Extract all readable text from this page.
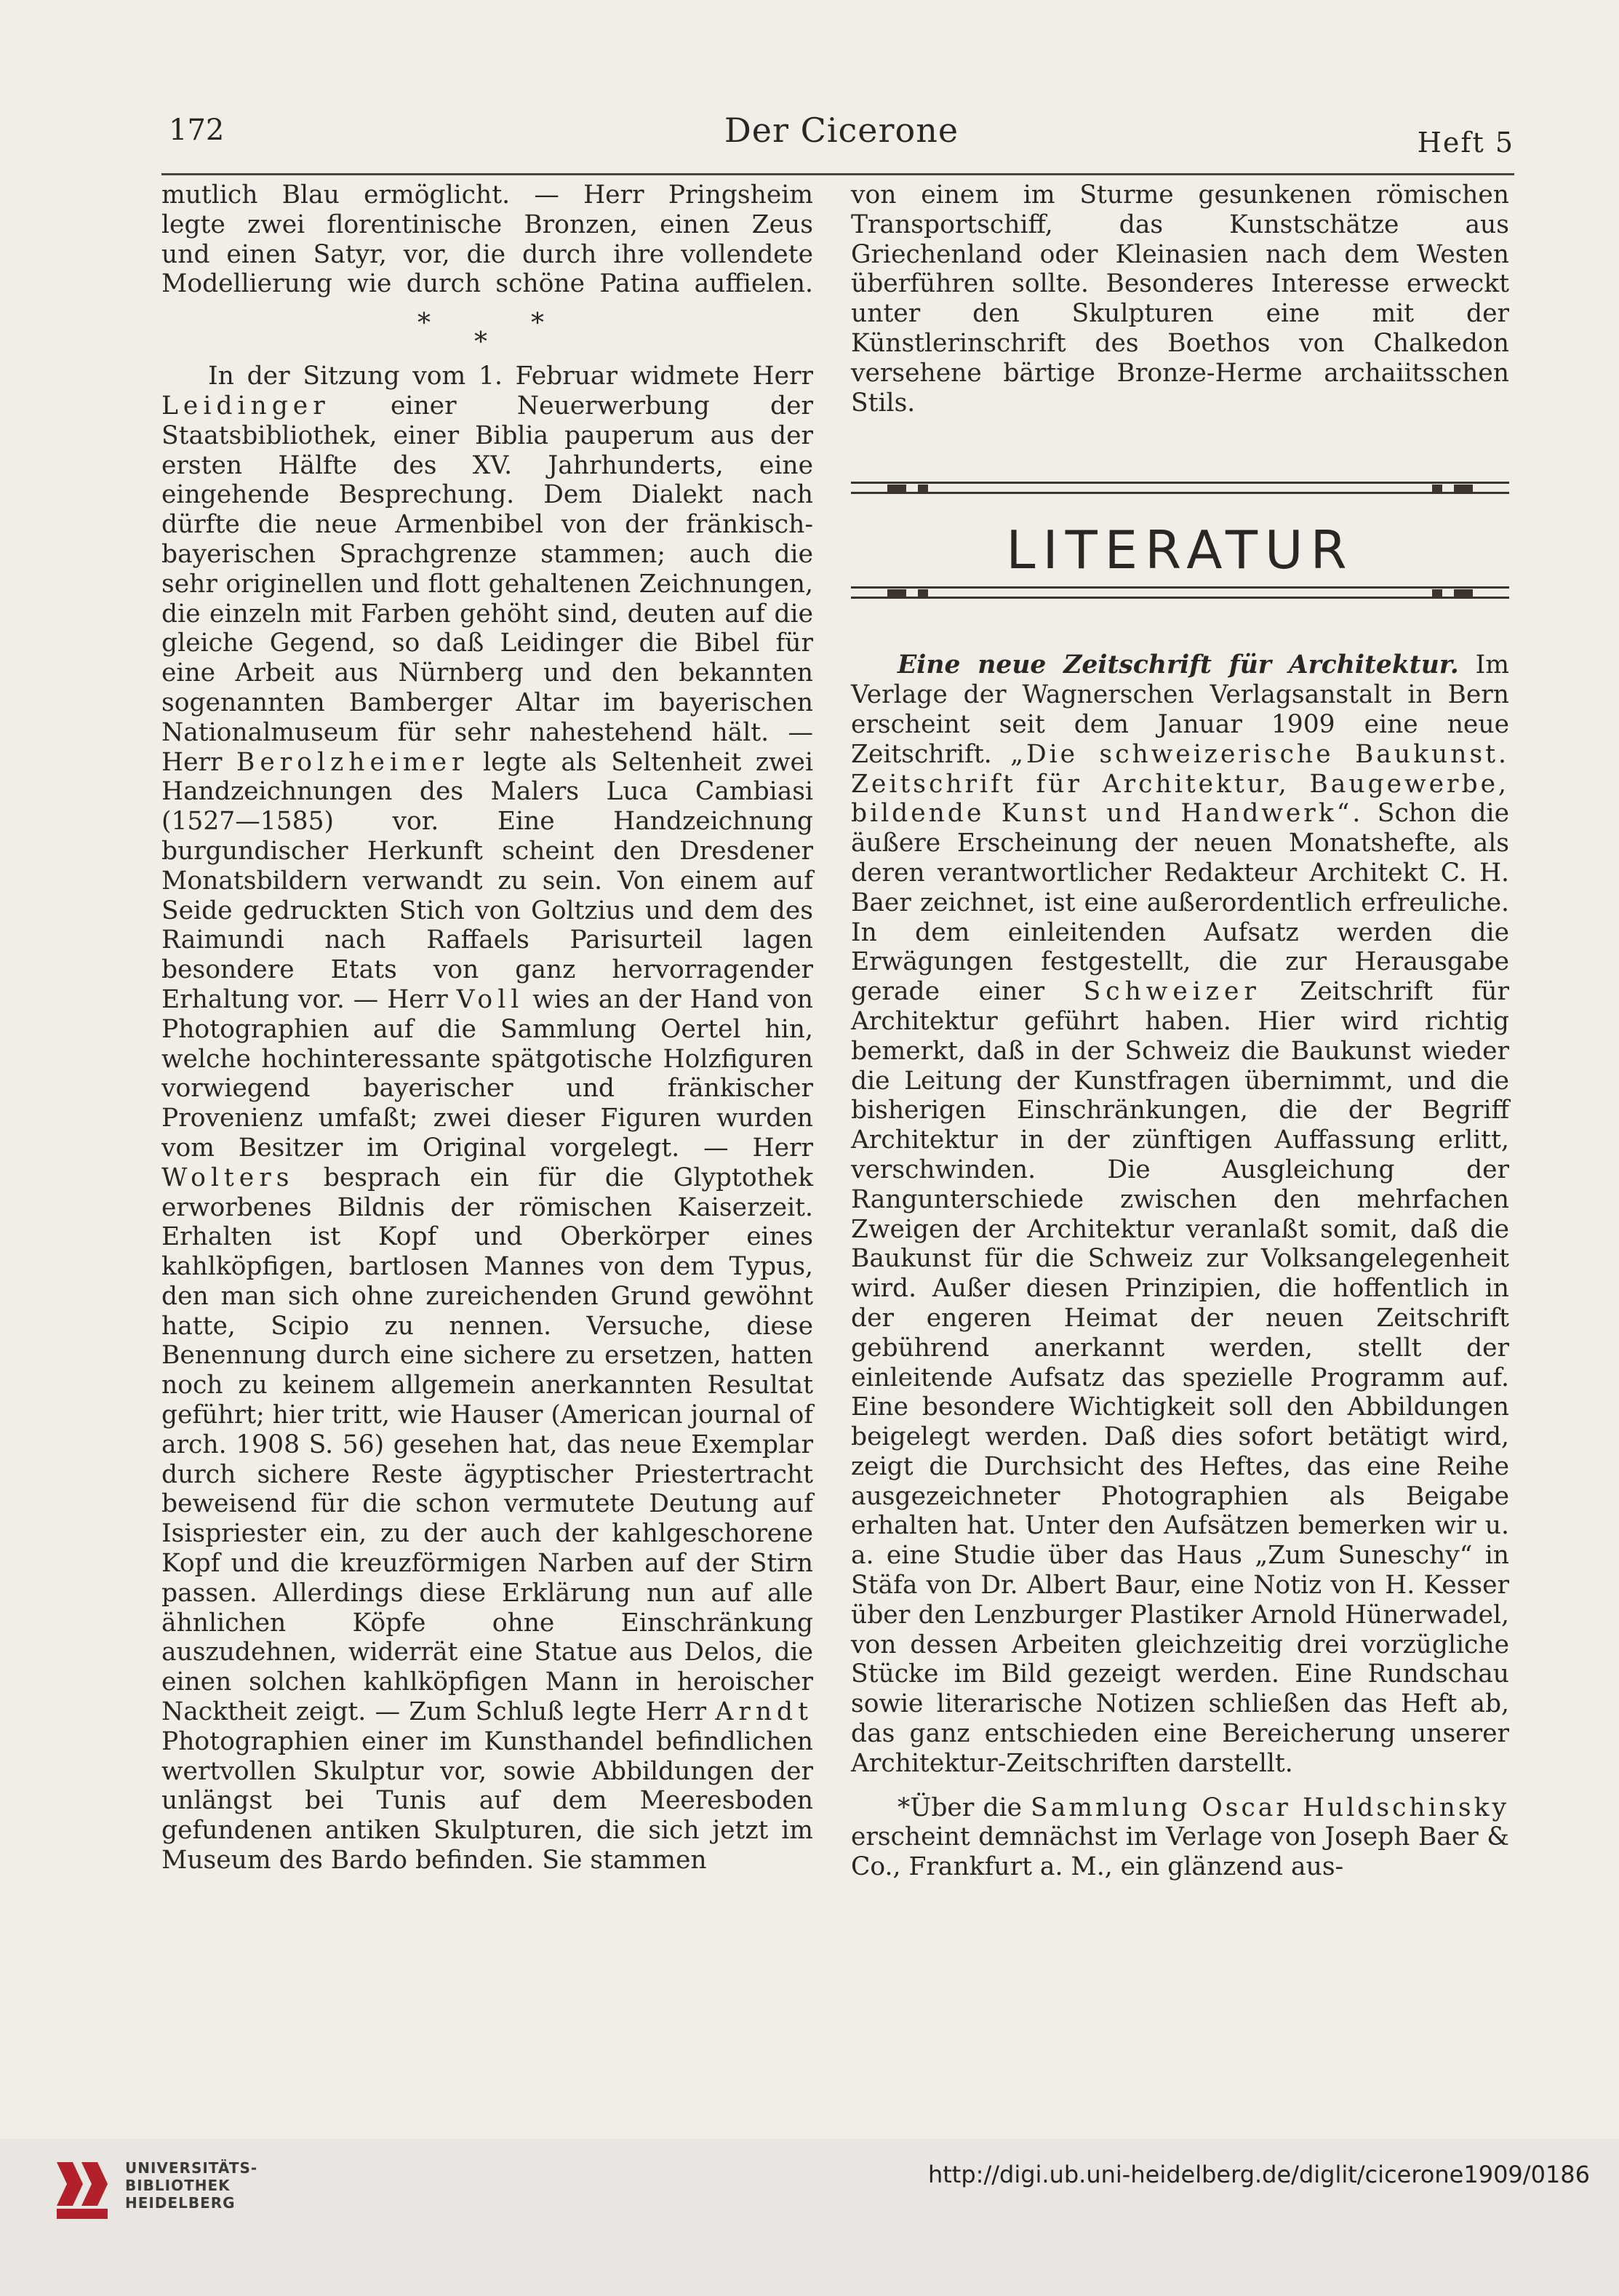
172	Der Cicerone	Heft 5

mutlich Blau ermöglicht. — Herr Pringsheim
legte zwei florentinische Bronzen, einen Zeus
und einen Satyr, vor, die durch ihre vollendete
Modellierung wie durch schöne Patina auffielen.

*
*
*

In der Sitzung vom 1. Februar widmete Herr Leidinger einer Neuerwerbung der Staatsbibliothek, einer Biblia pauperum aus der ersten Hälfte des XV. Jahrhunderts, eine eingehende Besprechung. Dem Dialekt nach dürfte die neue Armenbibel von der fränkisch-bayerischen Sprachgrenze stammen; auch die sehr originellen und flott gehaltenen Zeichnungen, die einzeln mit Farben gehöht sind, deuten auf die gleiche Gegend, so daß Leidinger die Bibel für eine Arbeit aus Nürnberg und den bekannten sogenannten Bamberger Altar im bayerischen Nationalmuseum für sehr nahestehend hält. — Herr Berolzheimer legte als Seltenheit zwei Handzeichnungen des Malers Luca Cambiasi (1527—1585) vor. Eine Handzeichnung burgundischer Herkunft scheint den Dresdener Monatsbildern verwandt zu sein. Von einem auf Seide gedruckten Stich von Goltzius und dem des Raimundi nach Raffaels Parisurteil lagen besondere Etats von ganz hervorragender Erhaltung vor. — Herr Voll wies an der Hand von Photographien auf die Sammlung Oertel hin, welche hochinteressante spätgotische Holzfiguren vorwiegend bayerischer und fränkischer Provenienz umfaßt; zwei dieser Figuren wurden vom Besitzer im Original vorgelegt. — Herr Wolters besprach ein für die Glyptothek erworbenes Bildnis der römischen Kaiserzeit. Erhalten ist Kopf und Oberkörper eines kahlköpfigen, bartlosen Mannes von dem Typus, den man sich ohne zureichenden Grund gewöhnt hatte, Scipio zu nennen. Versuche, diese Benennung durch eine sichere zu ersetzen, hatten noch zu keinem allgemein anerkannten Resultat geführt; hier tritt, wie Hauser (American journal of arch. 1908 S. 56) gesehen hat, das neue Exemplar durch sichere Reste ägyptischer Priestertracht beweisend für die schon vermutete Deutung auf Isispriester ein, zu der auch der kahlgeschorene Kopf und die kreuzförmigen Narben auf der Stirn passen. Allerdings diese Erklärung nun auf alle ähnlichen Köpfe ohne Einschränkung auszudehnen, widerrät eine Statue aus Delos, die einen solchen kahlköpfigen Mann in heroischer Nacktheit zeigt. — Zum Schluß legte Herr Arndt Photographien einer im Kunsthandel befindlichen wertvollen Skulptur vor, sowie Abbildungen der unlängst bei Tunis auf dem Meeresboden gefundenen antiken Skulpturen, die sich jetzt im Museum des Bardo befinden. Sie stammen

von einem im Sturme gesunkenen römischen Transportschiff, das Kunstschätze aus Griechenland oder Kleinasien nach dem Westen überführen sollte. Besonderes Interesse erweckt unter den Skulpturen eine mit der Künstlerinschrift des Boethos von Chalkedon versehene bärtige Bronze-Herme archaiitsschen Stils.

LITERATUR

Eine neue Zeitschrift für Architektur. Im Verlage der Wagnerschen Verlagsanstalt in Bern erscheint seit dem Januar 1909 eine neue Zeitschrift. „Die schweizerische Baukunst. Zeitschrift für Architektur, Baugewerbe, bildende Kunst und Handwerk“. Schon die äußere Erscheinung der neuen Monatshefte, als deren verantwortlicher Redakteur Architekt C. H. Baer zeichnet, ist eine außerordentlich erfreuliche. In dem einleitenden Aufsatz werden die Erwägungen festgestellt, die zur Herausgabe gerade einer Schweizer Zeitschrift für Architektur geführt haben. Hier wird richtig bemerkt, daß in der Schweiz die Baukunst wieder die Leitung der Kunstfragen übernimmt, und die bisherigen Einschränkungen, die der Begriff Architektur in der zünftigen Auffassung erlitt, verschwinden. Die Ausgleichung der Rangunterschiede zwischen den mehrfachen Zweigen der Architektur veranlaßt somit, daß die Baukunst für die Schweiz zur Volksangelegenheit wird. Außer diesen Prinzipien, die hoffentlich in der engeren Heimat der neuen Zeitschrift gebührend anerkannt werden, stellt der einleitende Aufsatz das spezielle Programm auf. Eine besondere Wichtigkeit soll den Abbildungen beigelegt werden. Daß dies sofort betätigt wird, zeigt die Durchsicht des Heftes, das eine Reihe ausgezeichneter Photographien als Beigabe erhalten hat. Unter den Aufsätzen bemerken wir u. a. eine Studie über das Haus „Zum Suneschy“ in Stäfa von Dr. Albert Baur, eine Notiz von H. Kesser über den Lenzburger Plastiker Arnold Hünerwadel, von dessen Arbeiten gleichzeitig drei vorzügliche Stücke im Bild gezeigt werden. Eine Rundschau sowie literarische Notizen schließen das Heft ab, das ganz entschieden eine Bereicherung unserer Architektur-Zeitschriften darstellt.

*Über die Sammlung Oscar Huldschinsky erscheint demnächst im Verlage von Joseph Baer & Co., Frankfurt a. M., ein glänzend aus-

UNIVERSITÄTS-
BIBLIOTHEK
HEIDELBERG
http://digi.ub.uni-heidelberg.de/diglit/cicerone1909/0186
